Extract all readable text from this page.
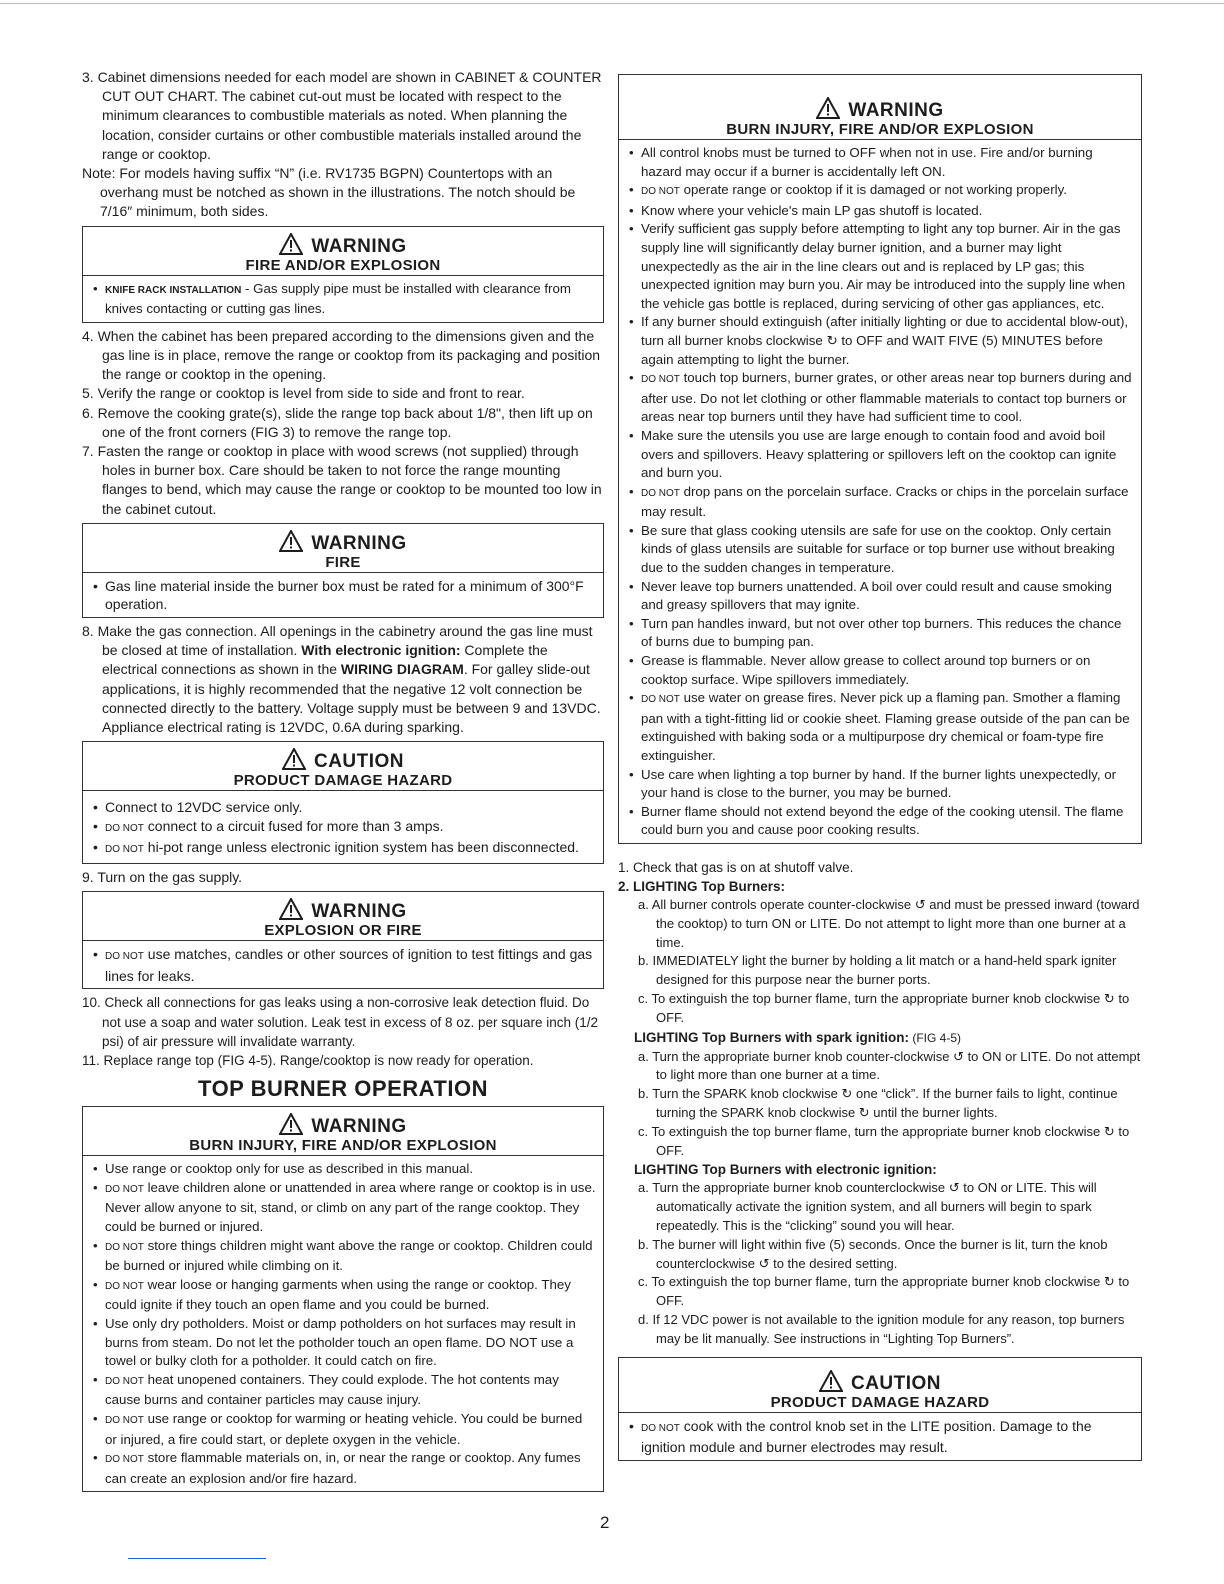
3. Cabinet dimensions needed for each model are shown in CABINET & COUNTER CUT OUT CHART. The cabinet cut-out must be located with respect to the minimum clearances to combustible materials as noted. When planning the location, consider curtains or other combustible materials installed around the range or cooktop.

Note: For models having suffix “N” (i.e. RV1735 BGPN) Countertops with an overhang must be notched as shown in the illustrations. The notch should be 7/16″ minimum, both sides.

WARNING
FIRE AND/OR EXPLOSION

• KNIFE RACK INSTALLATION - Gas supply pipe must be installed with clearance from knives contacting or cutting gas lines.

4. When the cabinet has been prepared according to the dimensions given and the gas line is in place, remove the range or cooktop from its packaging and position the range or cooktop in the opening.

5. Verify the range or cooktop is level from side to side and front to rear.

6. Remove the cooking grate(s), slide the range top back about 1/8", then lift up on one of the front corners (FIG 3) to remove the range top.

7. Fasten the range or cooktop in place with wood screws (not supplied) through holes in burner box. Care should be taken to not force the range mounting flanges to bend, which may cause the range or cooktop to be mounted too low in the cabinet cutout.

WARNING
FIRE

• Gas line material inside the burner box must be rated for a minimum of 300°F operation.

8. Make the gas connection. All openings in the cabinetry around the gas line must be closed at time of installation. With electronic ignition: Complete the electrical connections as shown in the WIRING DIAGRAM. For galley slide-out applications, it is highly recommended that the negative 12 volt connection be connected directly to the battery. Voltage supply must be between 9 and 13VDC. Appliance electrical rating is 12VDC, 0.6A during sparking.

CAUTION
PRODUCT DAMAGE HAZARD

• Connect to 12VDC service only.

• DO NOT connect to a circuit fused for more than 3 amps.

• DO NOT hi-pot range unless electronic ignition system has been disconnected.

9. Turn on the gas supply.

WARNING
EXPLOSION OR FIRE

• DO NOT use matches, candles or other sources of ignition to test fittings and gas lines for leaks.

10. Check all connections for gas leaks using a non-corrosive leak detection fluid. Do not use a soap and water solution. Leak test in excess of 8 oz. per square inch (1/2 psi) of air pressure will invalidate warranty.

11. Replace range top (FIG 4-5). Range/cooktop is now ready for operation.

TOP BURNER OPERATION
WARNING
BURN INJURY, FIRE AND/OR EXPLOSION

• Use range or cooktop only for use as described in this manual.

• DO NOT leave children alone or unattended in area where range or cooktop is in use. Never allow anyone to sit, stand, or climb on any part of the range cooktop. They could be burned or injured.

• DO NOT store things children might want above the range or cooktop. Children could be burned or injured while climbing on it.

• DO NOT wear loose or hanging garments when using the range or cooktop. They could ignite if they touch an open flame and you could be burned.

• Use only dry potholders. Moist or damp potholders on hot surfaces may result in burns from steam. Do not let the potholder touch an open flame. DO NOT use a towel or bulky cloth for a potholder. It could catch on fire.

• DO NOT heat unopened containers. They could explode. The hot contents may cause burns and container particles may cause injury.

• DO NOT use range or cooktop for warming or heating vehicle. You could be burned or injured, a fire could start, or deplete oxygen in the vehicle.

• DO NOT store flammable materials on, in, or near the range or cooktop. Any fumes can create an explosion and/or fire hazard.

WARNING
BURN INJURY, FIRE AND/OR EXPLOSION

• All control knobs must be turned to OFF when not in use. Fire and/or burning hazard may occur if a burner is accidentally left ON.

• DO NOT operate range or cooktop if it is damaged or not working properly.

• Know where your vehicle's main LP gas shutoff is located.

• Verify sufficient gas supply before attempting to light any top burner. Air in the gas supply line will significantly delay burner ignition, and a burner may light unexpectedly as the air in the line clears out and is replaced by LP gas; this unexpected ignition may burn you. Air may be introduced into the supply line when the vehicle gas bottle is replaced, during servicing of other gas appliances, etc.

• If any burner should extinguish (after initially lighting or due to accidental blow-out), turn all burner knobs clockwise ↻ to OFF and WAIT FIVE (5) MINUTES before again attempting to light the burner.

• DO NOT touch top burners, burner grates, or other areas near top burners during and after use. Do not let clothing or other flammable materials to contact top burners or areas near top burners until they have had sufficient time to cool.

• Make sure the utensils you use are large enough to contain food and avoid boil overs and spillovers. Heavy splattering or spillovers left on the cooktop can ignite and burn you.

• DO NOT drop pans on the porcelain surface. Cracks or chips in the porcelain surface may result.

• Be sure that glass cooking utensils are safe for use on the cooktop. Only certain kinds of glass utensils are suitable for surface or top burner use without breaking due to the sudden changes in temperature.

• Never leave top burners unattended. A boil over could result and cause smoking and greasy spillovers that may ignite.

• Turn pan handles inward, but not over other top burners. This reduces the chance of burns due to bumping pan.

• Grease is flammable. Never allow grease to collect around top burners or on cooktop surface. Wipe spillovers immediately.

• DO NOT use water on grease fires. Never pick up a flaming pan. Smother a flaming pan with a tight-fitting lid or cookie sheet. Flaming grease outside of the pan can be extinguished with baking soda or a multipurpose dry chemical or foam-type fire extinguisher.

• Use care when lighting a top burner by hand. If the burner lights unexpectedly, or your hand is close to the burner, you may be burned.

• Burner flame should not extend beyond the edge of the cooking utensil. The flame could burn you and cause poor cooking results.

1. Check that gas is on at shutoff valve.

2. LIGHTING Top Burners:

a. All burner controls operate counter-clockwise ↺ and must be pressed inward (toward the cooktop) to turn ON or LITE. Do not attempt to light more than one burner at a time.

b. IMMEDIATELY light the burner by holding a lit match or a hand-held spark igniter designed for this purpose near the burner ports.

c. To extinguish the top burner flame, turn the appropriate burner knob clockwise ↻ to OFF.

LIGHTING Top Burners with spark ignition: (FIG 4-5)

a. Turn the appropriate burner knob counter-clockwise ↺ to ON or LITE. Do not attempt to light more than one burner at a time.

b. Turn the SPARK knob clockwise ↻ one “click”. If the burner fails to light, continue turning the SPARK knob clockwise ↻ until the burner lights.

c. To extinguish the top burner flame, turn the appropriate burner knob clockwise ↻ to OFF.

LIGHTING Top Burners with electronic ignition:

a. Turn the appropriate burner knob counterclockwise ↺ to ON or LITE. This will automatically activate the ignition system, and all burners will begin to spark repeatedly. This is the “clicking” sound you will hear.

b. The burner will light within five (5) seconds. Once the burner is lit, turn the knob counterclockwise ↺ to the desired setting.

c. To extinguish the top burner flame, turn the appropriate burner knob clockwise ↻ to OFF.

d. If 12 VDC power is not available to the ignition module for any reason, top burners may be lit manually. See instructions in “Lighting Top Burners”.

CAUTION
PRODUCT DAMAGE HAZARD

• DO NOT cook with the control knob set in the LITE position. Damage to the ignition module and burner electrodes may result.

2
